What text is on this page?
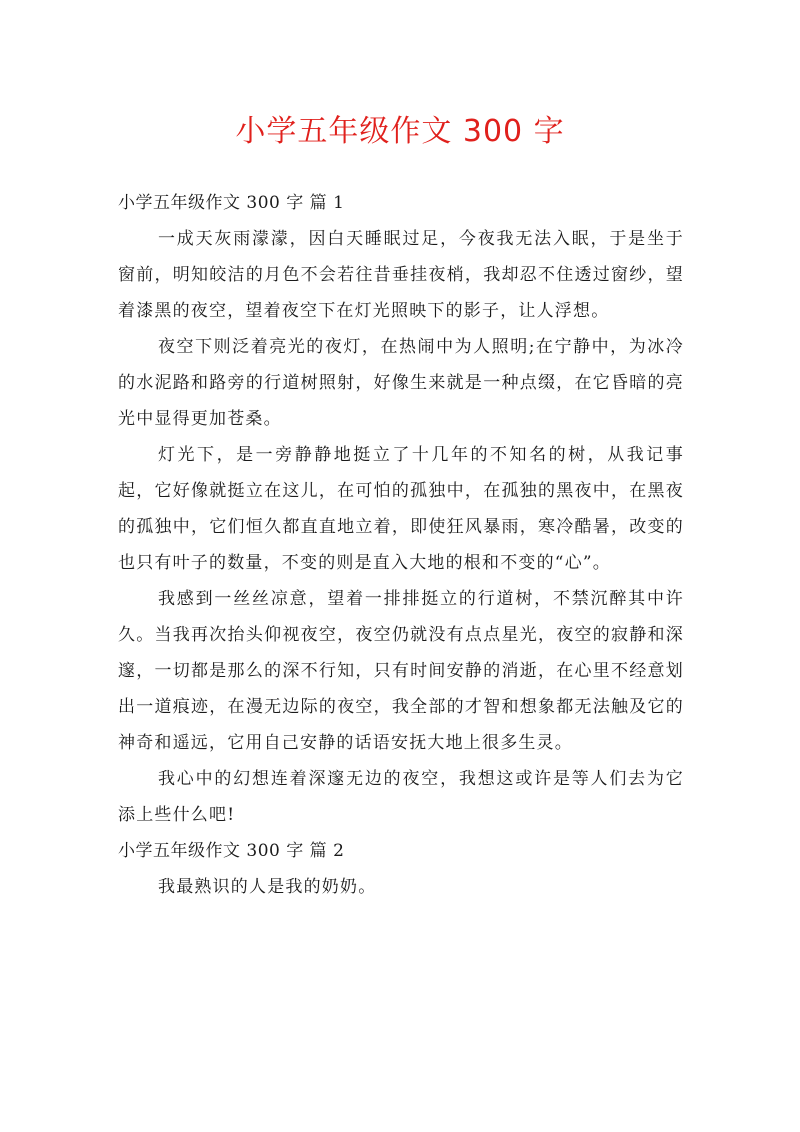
小学五年级作文 300 字
小学五年级作文 300 字 篇 1

一成天灰雨濛濛，因白天睡眠过足，今夜我无法入眠，于是坐于窗前，明知皎洁的月色不会若往昔垂挂夜梢，我却忍不住透过窗纱，望着漆黑的夜空，望着夜空下在灯光照映下的影子，让人浮想。

夜空下则泛着亮光的夜灯，在热闹中为人照明;在宁静中，为冰冷的水泥路和路旁的行道树照射，好像生来就是一种点缀，在它昏暗的亮光中显得更加苍桑。

灯光下，是一旁静静地挺立了十几年的不知名的树，从我记事起，它好像就挺立在这儿，在可怕的孤独中，在孤独的黑夜中，在黑夜的孤独中，它们恒久都直直地立着，即使狂风暴雨，寒冷酷暑，改变的也只有叶子的数量，不变的则是直入大地的根和不变的“心”。

我感到一丝丝凉意，望着一排排挺立的行道树，不禁沉醉其中许久。当我再次抬头仰视夜空，夜空仍就没有点点星光，夜空的寂静和深邃，一切都是那么的深不行知，只有时间安静的消逝，在心里不经意划出一道痕迹，在漫无边际的夜空，我全部的才智和想象都无法触及它的神奇和遥远，它用自己安静的话语安抚大地上很多生灵。

我心中的幻想连着深邃无边的夜空，我想这或许是等人们去为它添上些什么吧!

小学五年级作文 300 字 篇 2

我最熟识的人是我的奶奶。
